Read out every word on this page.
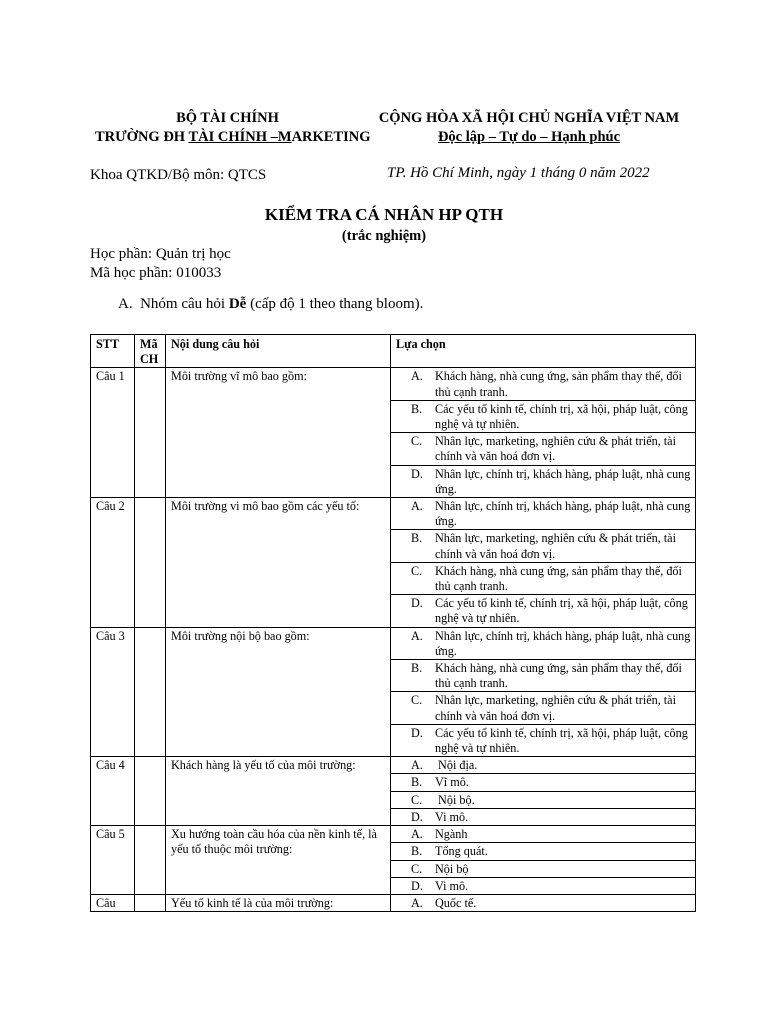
BỘ TÀI CHÍNH
TRƯỜNG ĐH TÀI CHÍNH –MARKETING
CỘNG HÒA XÃ HỘI CHỦ NGHĨA VIỆT NAM
Độc lập – Tự do – Hạnh phúc
Khoa QTKD/Bộ môn: QTCS	TP. Hồ Chí Minh, ngày 1 tháng 0 năm 2022
KIỂM TRA CÁ NHÂN HP QTH
(trắc nghiệm)
Học phần: Quản trị học
Mã học phần: 010033
A. Nhóm câu hỏi Dễ (cấp độ 1 theo thang bloom).
STT	Mã CH	Nội dung câu hỏi	Lựa chọn
Câu 1		Môi trường vĩ mô bao gồm:	A. Khách hàng, nhà cung ứng, sản phẩm thay thế, đối thủ cạnh tranh.

			B. Các yếu tố kinh tế, chính trị, xã hội, pháp luật, công nghệ và tự nhiên.

			C. Nhân lực, marketing, nghiên cứu & phát triển, tài chính và văn hoá đơn vị.

			D. Nhân lực, chính trị, khách hàng, pháp luật, nhà cung ứng.

Câu 2		Môi trường vi mô bao gồm các yếu tố:	A. Nhân lực, chính trị, khách hàng, pháp luật, nhà cung ứng.

			B. Nhân lực, marketing, nghiên cứu & phát triển, tài chính và văn hoá đơn vị.

			C. Khách hàng, nhà cung ứng, sản phẩm thay thế, đối thủ cạnh tranh.

			D. Các yếu tố kinh tế, chính trị, xã hội, pháp luật, công nghệ và tự nhiên.

Câu 3		Môi trường nội bộ bao gồm:	A. Nhân lực, chính trị, khách hàng, pháp luật, nhà cung ứng.

			B. Khách hàng, nhà cung ứng, sản phẩm thay thế, đối thủ cạnh tranh.

			C. Nhân lực, marketing, nghiên cứu & phát triển, tài chính và văn hoá đơn vị.

			D. Các yếu tố kinh tế, chính trị, xã hội, pháp luật, công nghệ và tự nhiên.

Câu 4		Khách hàng là yếu tố của môi trường:	A. Nội địa.

			B. Vĩ mô.

			C. Nội bộ.

			D. Vi mô.

Câu 5		Xu hướng toàn cầu hóa của nền kinh tế, là yếu tố thuộc môi trường:	A. Ngành

			B. Tổng quát.

			C. Nội bộ

			D. Vi mô.

Câu		Yếu tố kinh tế là của môi trường:	A. Quốc tế.
